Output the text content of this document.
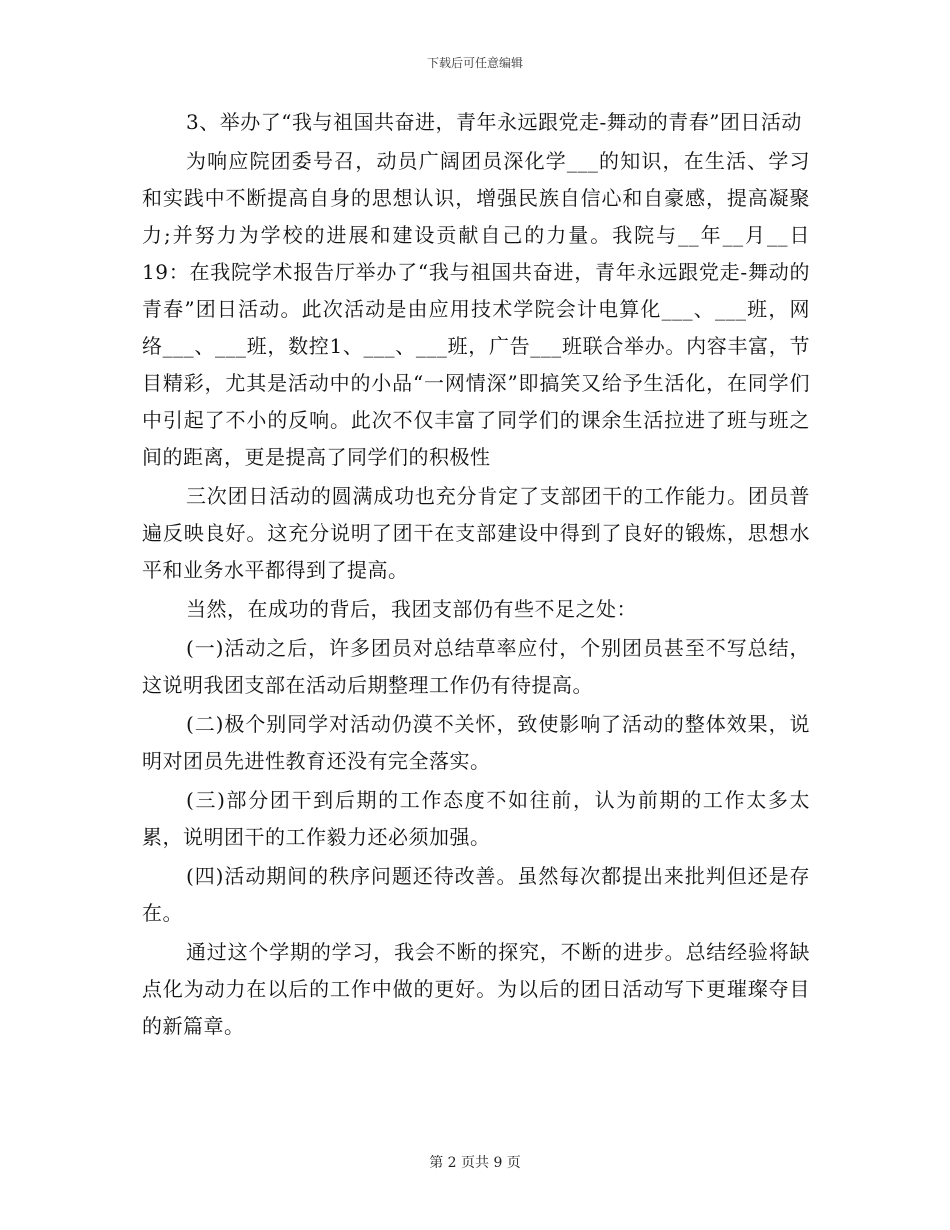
下载后可任意编辑

3、举办了“我与祖国共奋进，青年永远跟党走-舞动的青春”团日活动

为响应院团委号召，动员广阔团员深化学___的知识，在生活、学习和实践中不断提高自身的思想认识，增强民族自信心和自豪感，提高凝聚力;并努力为学校的进展和建设贡献自己的力量。我院与__年__月__日19：在我院学术报告厅举办了“我与祖国共奋进，青年永远跟党走-舞动的青春”团日活动。此次活动是由应用技术学院会计电算化___、___班，网络___、___班，数控1、___、___班，广告___班联合举办。内容丰富，节目精彩，尤其是活动中的小品“一网情深”即搞笑又给予生活化，在同学们中引起了不小的反响。此次不仅丰富了同学们的课余生活拉进了班与班之间的距离，更是提高了同学们的积极性

三次团日活动的圆满成功也充分肯定了支部团干的工作能力。团员普遍反映良好。这充分说明了团干在支部建设中得到了良好的锻炼，思想水平和业务水平都得到了提高。

当然，在成功的背后，我团支部仍有些不足之处：

(一)活动之后，许多团员对总结草率应付，个别团员甚至不写总结，这说明我团支部在活动后期整理工作仍有待提高。

(二)极个别同学对活动仍漠不关怀，致使影响了活动的整体效果，说明对团员先进性教育还没有完全落实。

(三)部分团干到后期的工作态度不如往前，认为前期的工作太多太累，说明团干的工作毅力还必须加强。

(四)活动期间的秩序问题还待改善。虽然每次都提出来批判但还是存在。

通过这个学期的学习，我会不断的探究，不断的进步。总结经验将缺点化为动力在以后的工作中做的更好。为以后的团日活动写下更璀璨夺目的新篇章。

第 2 页共 9 页
